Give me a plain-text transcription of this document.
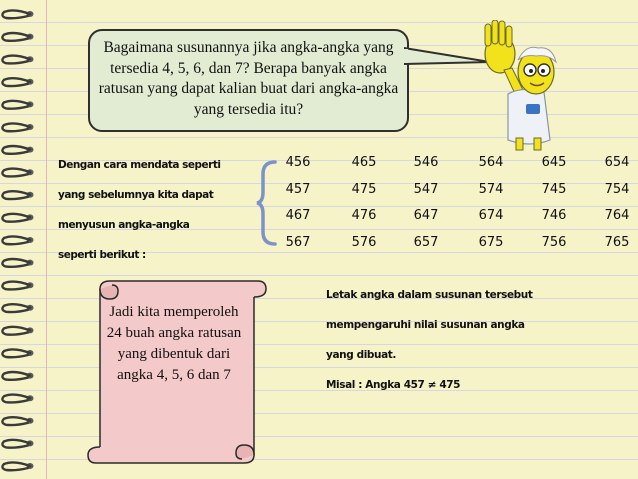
Bagaimana susunannya jika angka-angka yang tersedia 4, 5, 6, dan 7? Berapa banyak angka ratusan yang dapat kalian buat dari angka-angka yang tersedia itu?
Dengan cara mendata seperti
yang sebelumnya kita dapat
menyusun angka-angka
seperti berikut :
456
457
467
567
465
475
476
576
546
547
647
657
564
574
674
675
645
745
746
756
654
754
764
765
Jadi kita memperoleh 24 buah angka ratusan yang dibentuk dari angka 4, 5, 6 dan 7
Letak angka dalam susunan tersebut
mempengaruhi nilai susunan angka
yang dibuat.
Misal : Angka 457 ≠ 475
